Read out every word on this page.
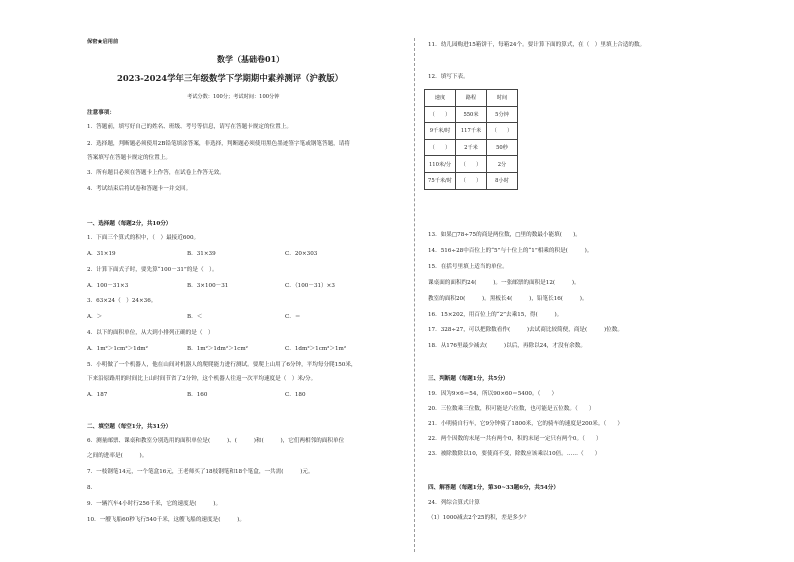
保密★启用前
数学（基础卷01）
2023-2024学年三年级数学下学期期中素养测评（沪教版）
考试分数：100分；考试时间：100分钟
注意事项：
1．答题前，填写好自己的姓名、班级、考号等信息，请写在答题卡规定的位置上。
2．选择题，判断题必须使用2B铅笔填涂答案，非选择，判断题必须使用黑色墨迹签字笔或钢笔答题，请将
答案填写在答题卡规定的位置上。
3．所有题目必须在答题卡上作答，在试卷上作答无效。
4．考试结束后将试卷和答题卡一并交回。
一、选择题（每题2分，共10分）
1．下面三个算式的积中，（　）最接近600。
A．31×19	B．31×39	C．20×303
2．计算下面式子时，要先算“100－31”的是（　）。
A．100－31×3	B．3×100－31	C．（100－31）×3
3．63×24（　）24×36。
A．＞	B．＜	C．＝
4．以下的面积单位，从大到小排列正确的是（　）
A．1m²＞1cm²＞1dm²	B．1m²＞1dm²＞1cm²	C．1dm²＞1cm²＞1m²
5．小明做了一个机器人，他在山间对机器人的爬爬能力进行测试。要爬上山用了6分钟，平均每分爬150米，
下来沿原路用的时间比上山时间节省了2分钟，这个机器人往返一次平均速度是（　）米/分。
A．187	B．160	C．180
二、填空题（每空1分，共31分）
6．测量邮票、课桌和教室分别选用的面积单位是(　　　)、(　　　)和(　　　)，它们两相邻的面积单位
之间的进率是(　　　)。
7．一枝钢笔14元，一个笔盒16元，王老师买了18枝钢笔和18个笔盒，一共需(　　　)元。
8．
9．一辆汽车4小时行256千米，它的速度是(　　　)。
10．一艘飞船60秒飞行540千米，这艘飞船的速度是(　　　)。
11．幼儿园购进15箱饼干，每箱24个。要计算下面的算式，在（　）里填上合适的数。
12．填写下表。
13．如果□78÷75的商是两位数，□里的数最小能填(　　)。
14．516÷28中百位上的“5”与十位上的“1”相乘的积是(　　　)。
15．在括号里填上适当的单位。
课桌面的面积约24(　　　)。一张邮票的面积是12(　　　)。
教室的面积20(　　　)。黑板长4(　　　)，铅笔长16(　　　)。
16．15×202，用百位上的“2”去乘15，得(　　　)。
17．328÷27，可以把除数看作(　　　)去试商比较简便，商是(　　　)位数。
18．从176里最少减去(　　　)以后，再除以24，才没有余数。
三、判断题（每题1分，共5分）
19．因为9×6＝54，所以90×60＝5400。（　　）
20．三位数乘三位数，积可能是六位数，也可能是五位数。（　　）
21．小明骑自行车，它9分钟骑了1800米，它的骑车的速度是200米。（　　）
22．两个因数的末尾一共有两个0，积的末尾一定只有两个0。（　　）
23．被除数除以10，要使商不变，除数应该乘以10倍。……（　　）
四、解答题（每题1分，第30~33题6分，共54分）
24．列综合算式计算
（1）1000减去2个25的积，差是多少？
速度	路程	时间
（　　）	550米	5分钟
9千米/时	117千米	（　　）
（　　）	2千米	50秒
110米/分	（　　）	2分
75千米/时	（　　）	8小时
